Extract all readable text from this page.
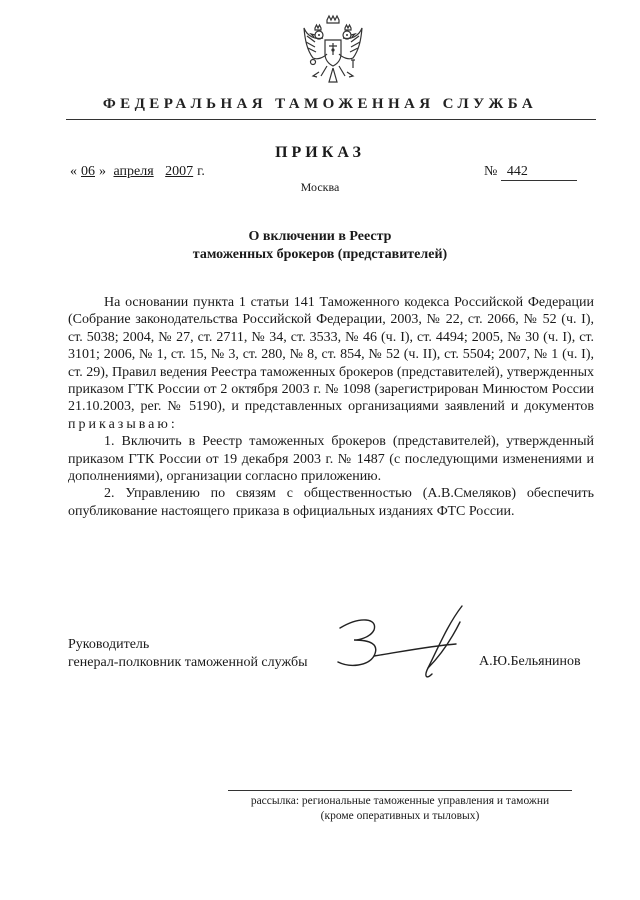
ФЕДЕРАЛЬНАЯ ТАМОЖЕННАЯ СЛУЖБА
ПРИКАЗ
« 06 » апреля 2007 г.	№ 442
Москва
О включении в Реестр
таможенных брокеров (представителей)

На основании пункта 1 статьи 141 Таможенного кодекса Российской Федерации (Собрание законодательства Российской Федерации, 2003, № 22, ст. 2066, № 52 (ч. I), ст. 5038; 2004, № 27, ст. 2711, № 34, ст. 3533, № 46 (ч. I), ст. 4494; 2005, № 30 (ч. I), ст. 3101; 2006, № 1, ст. 15, № 3, ст. 280, № 8, ст. 854, № 52 (ч. II), ст. 5504; 2007, № 1 (ч. I), ст. 29), Правил ведения Реестра таможенных брокеров (представителей), утвержденных приказом ГТК России от 2 октября 2003 г. № 1098 (зарегистрирован Минюстом России 21.10.2003, рег. № 5190), и представленных организациями заявлений и документов приказываю:

1. Включить в Реестр таможенных брокеров (представителей), утвержденный приказом ГТК России от 19 декабря 2003 г. № 1487 (с последующими изменениями и дополнениями), организации согласно приложению.

2. Управлению по связям с общественностью (А.В.Смеляков) обеспечить опубликование настоящего приказа в официальных изданиях ФТС России.

Руководитель
генерал-полковник таможенной службы	А.Ю.Бельянинов
рассылка: региональные таможенные управления и таможни
(кроме оперативных и тыловых)
